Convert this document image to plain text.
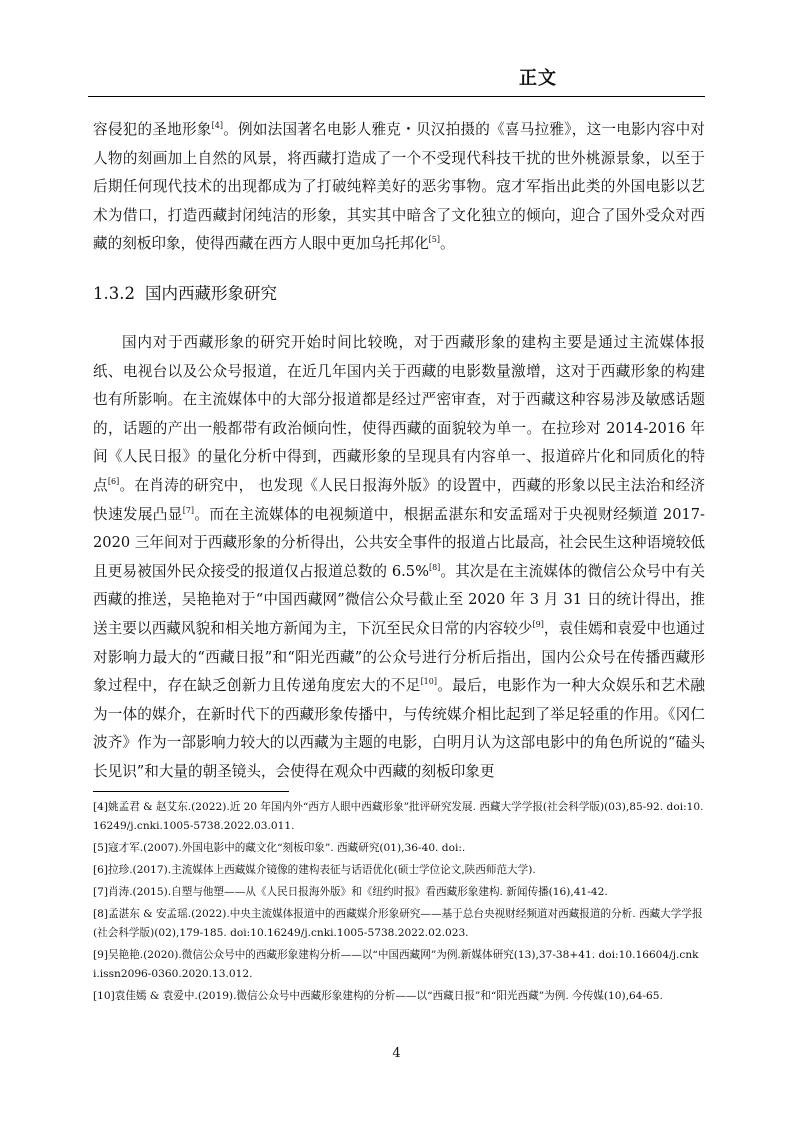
正文

容侵犯的圣地形象[4]。例如法国著名电影人雅克・贝汉拍摄的《喜马拉雅》，这一电影内容中对人物的刻画加上自然的风景，将西藏打造成了一个不受现代科技干扰的世外桃源景象，以至于后期任何现代技术的出现都成为了打破纯粹美好的恶劣事物。寇才军指出此类的外国电影以艺术为借口，打造西藏封闭纯洁的形象，其实其中暗含了文化独立的倾向，迎合了国外受众对西藏的刻板印象，使得西藏在西方人眼中更加乌托邦化[5]。

1.3.2 国内西藏形象研究

国内对于西藏形象的研究开始时间比较晚，对于西藏形象的建构主要是通过主流媒体报纸、电视台以及公众号报道，在近几年国内关于西藏的电影数量激增，这对于西藏形象的构建也有所影响。在主流媒体中的大部分报道都是经过严密审查，对于西藏这种容易涉及敏感话题的，话题的产出一般都带有政治倾向性，使得西藏的面貌较为单一。在拉珍对 2014-2016 年间《人民日报》的量化分析中得到，西藏形象的呈现具有内容单一、报道碎片化和同质化的特点[6]。在肖涛的研究中， 也发现《人民日报海外版》的设置中，西藏的形象以民主法治和经济快速发展凸显[7]。而在主流媒体的电视频道中，根据孟湛东和安孟瑶对于央视财经频道 2017-2020 三年间对于西藏形象的分析得出，公共安全事件的报道占比最高，社会民生这种语境较低且更易被国外民众接受的报道仅占报道总数的 6.5%[8]。其次是在主流媒体的微信公众号中有关西藏的推送，吴艳艳对于“中国西藏网”微信公众号截止至 2020 年 3 月 31 日的统计得出，推送主要以西藏风貌和相关地方新闻为主，下沉至民众日常的内容较少[9]，袁佳嫣和袁爱中也通过对影响力最大的“西藏日报”和“阳光西藏”的公众号进行分析后指出，国内公众号在传播西藏形象过程中，存在缺乏创新力且传递角度宏大的不足[10]。最后，电影作为一种大众娱乐和艺术融为一体的媒介，在新时代下的西藏形象传播中，与传统媒介相比起到了举足轻重的作用。《冈仁波齐》作为一部影响力较大的以西藏为主题的电影，白明月认为这部电影中的角色所说的“磕头长见识”和大量的朝圣镜头，会使得在观众中西藏的刻板印象更

[4]姚孟君 & 赵艾东.(2022).近 20 年国内外“西方人眼中西藏形象”批评研究发展. 西藏大学学报(社会科学版)(03),85-92. doi:10.16249/j.cnki.1005-5738.2022.03.011.
[5]寇才军.(2007).外国电影中的藏文化“刻板印象”. 西藏研究(01),36-40. doi:.
[6]拉珍.(2017).主流媒体上西藏媒介镜像的建构表征与话语优化(硕士学位论文,陕西师范大学).
[7]肖涛.(2015).自塑与他塑——从《人民日报海外版》和《纽约时报》看西藏形象建构. 新闻传播(16),41-42.
[8]孟湛东 & 安孟瑶.(2022).中央主流媒体报道中的西藏媒介形象研究——基于总台央视财经频道对西藏报道的分析. 西藏大学学报(社会科学版)(02),179-185. doi:10.16249/j.cnki.1005-5738.2022.02.023.
[9]吴艳艳.(2020).微信公众号中的西藏形象建构分析——以“中国西藏网”为例.新媒体研究(13),37-38+41. doi:10.16604/j.cnki.issn2096-0360.2020.13.012.
[10]袁佳嫣 & 袁爱中.(2019).微信公众号中西藏形象建构的分析——以“西藏日报”和“阳光西藏”为例. 今传媒(10),64-65.
4
